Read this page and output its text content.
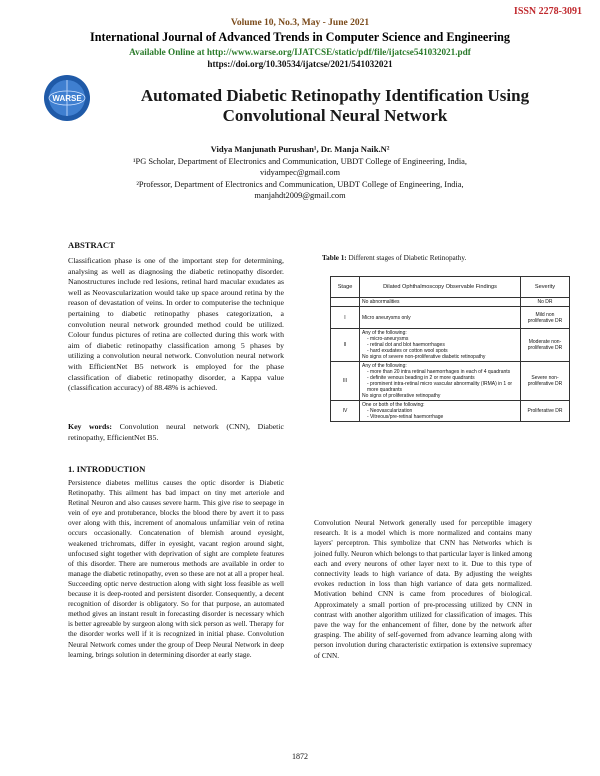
ISSN 2278-3091
Volume 10, No.3, May - June 2021
International Journal of Advanced Trends in Computer Science and Engineering
Available Online at http://www.warse.org/IJATCSE/static/pdf/file/ijatcse541032021.pdf
https://doi.org/10.30534/ijatcse/2021/541032021
WARSE	Automated Diabetic Retinopathy Identification Using
Convolutional Neural Network
Vidya Manjunath Purushan¹, Dr. Manja Naik.N²
¹PG Scholar, Department of Electronics and Communication, UBDT College of Engineering, India,
vidyampec@gmail.com
²Professor, Department of Electronics and Communication, UBDT College of Engineering, India,
manjahdt2009@gmail.com
ABSTRACT
Classification phase is one of the important step for determining, analysing as well as diagnosing the diabetic retinopathy disorder. Nanostructures include red lesions, retinal hard macular exudates as well as Neovascularization would take up space around retina by the reason of devastation of veins. In order to computerise the technique pertaining to diabetic retinopathy phases categorization, a convolution neural network grounded method could be utilized. Colour fundus pictures of retina are collected during this work with aim of diabetic retinopathy classification among 5 phases by utilizing a convolution neural network. Convolution neural network with EfficientNet B5 network is employed for the phase classification of diabetic retinopathy disorder, a Kappa value (classification accuracy) of 88.48% is achieved.
Key words: Convolution neural network (CNN), Diabetic retinopathy, EfficientNet B5.
1. INTRODUCTION
Persistence diabetes mellitus causes the optic disorder is Diabetic Retinopathy. This ailment has bad impact on tiny met arteriole and Retinal Neuron and also causes severe harm. This give rise to seepage in vein of eye and protuberance, blocks the blood there by avert it to pass over along with this, increment of anomalous unfamiliar vein of retina occurs occasionally. Concatenation of blemish around eyesight, weakened trichromats, differ in eyesight, vacant region around sight, unfocused sight together with deprivation of sight are complete features of this disorder. There are numerous methods are available in order to manage the diabetic retinopathy, even so these are not at all a proper heal. Succeeding optic nerve destruction along with sight loss feasible as well because it is deep-rooted and persistent disorder. Consequently, a decent recognition of disorder is obligatory. So for that purpose, an automated method gives an instant result in forecasting disorder is necessary which is better agreeable by surgeon along with sick person as well. Therapy for the disorder works well if it is recognized in initial phase. Convolution Neural Network comes under the group of Deep Neural Network in deep learning, brings solution in determining disorder at early stage.
Table 1: Different stages of Diabetic Retinopathy.
Stage	Dilated Ophthalmoscopy Observable Findings	Severity
	No abnormalities	No DR
I	Micro aneurysms only	Mild non proliferative DR
II	Any of the following:
- micro-aneurysms
- retinal dot and blot haemorrhages
- hard exudates or cotton wool spots
No signs of severe non-proliferative diabetic retinopathy	Moderate non-proliferative DR
III	Any of the following:
- more than 20 intra retinal haemorrhages in each of 4 quadrants
- definite venous beading in 2 or more quadrants
- prominent intra-retinal micro vascular abnormality (IRMA) in 1 or more quadrants
No signs of proliferative retinopathy	Severe non-proliferative DR
IV	One or both of the following:
- Neovascularization
- Vitreous/pre-retinal haemorrhage	Proliferative DR
Convolution Neural Network generally used for perceptible imagery research. It is a model which is more normalized and contains many layers' perceptron. This symbolize that CNN has Networks which is joined fully. Neuron which belongs to that particular layer is linked among each and every neurons of other layer next to it. Due to this type of connectivity leads to high variance of data. By adjusting the weights evokes reduction in loss than high variance of data gets normalized. Motivation behind CNN is came from procedures of biological. Approximately a small portion of pre-processing utilized by CNN in contrast with another algorithm utilized for classification of images. This pave the way for the enhancement of filter, done by the network after grasping. The ability of self-governed from advance learning along with person involution during characteristic extirpation is extensive supremacy of CNN.
1872
